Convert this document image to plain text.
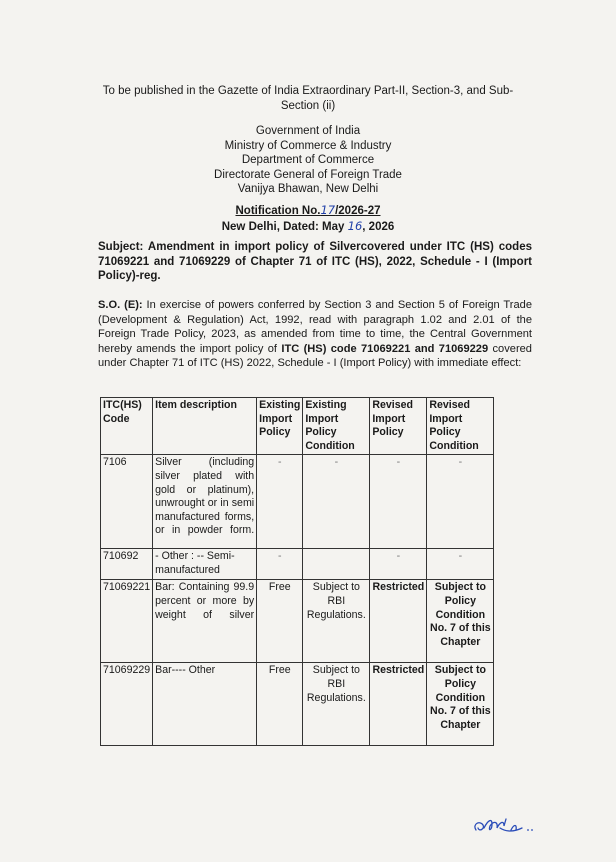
To be published in the Gazette of India Extraordinary Part-II, Section-3, and Sub-
Section (ii)
Government of India
Ministry of Commerce & Industry
Department of Commerce
Directorate General of Foreign Trade
Vanijya Bhawan, New Delhi
Notification No.17/2026-27
New Delhi, Dated: May 16, 2026
Subject: Amendment in import policy of Silvercovered under ITC (HS) codes 71069221 and 71069229 of Chapter 71 of ITC (HS), 2022, Schedule - I (Import Policy)-reg.
S.O. (E): In exercise of powers conferred by Section 3 and Section 5 of Foreign Trade (Development & Regulation) Act, 1992, read with paragraph 1.02 and 2.01 of the Foreign Trade Policy, 2023, as amended from time to time, the Central Government hereby amends the import policy of ITC (HS) code 71069221 and 71069229 covered under Chapter 71 of ITC (HS) 2022, Schedule - I (Import Policy) with immediate effect:
ITC(HS) Code	Item description	Existing Import Policy	Existing Import Policy Condition	Revised Import Policy	Revised Import Policy Condition
7106	Silver (including silver plated with gold or platinum), unwrought or in semi manufactured forms, or in powder form.	-	-	-	-
710692	- Other : -- Semi-manufactured	-		-	-
71069221	Bar: Containing 99.9 percent or more by weight of silver	Free	Subject to RBI Regulations.	Restricted	Subject to Policy Condition No. 7 of this Chapter
71069229	Bar---- Other	Free	Subject to RBI Regulations.	Restricted	Subject to Policy Condition No. 7 of this Chapter
